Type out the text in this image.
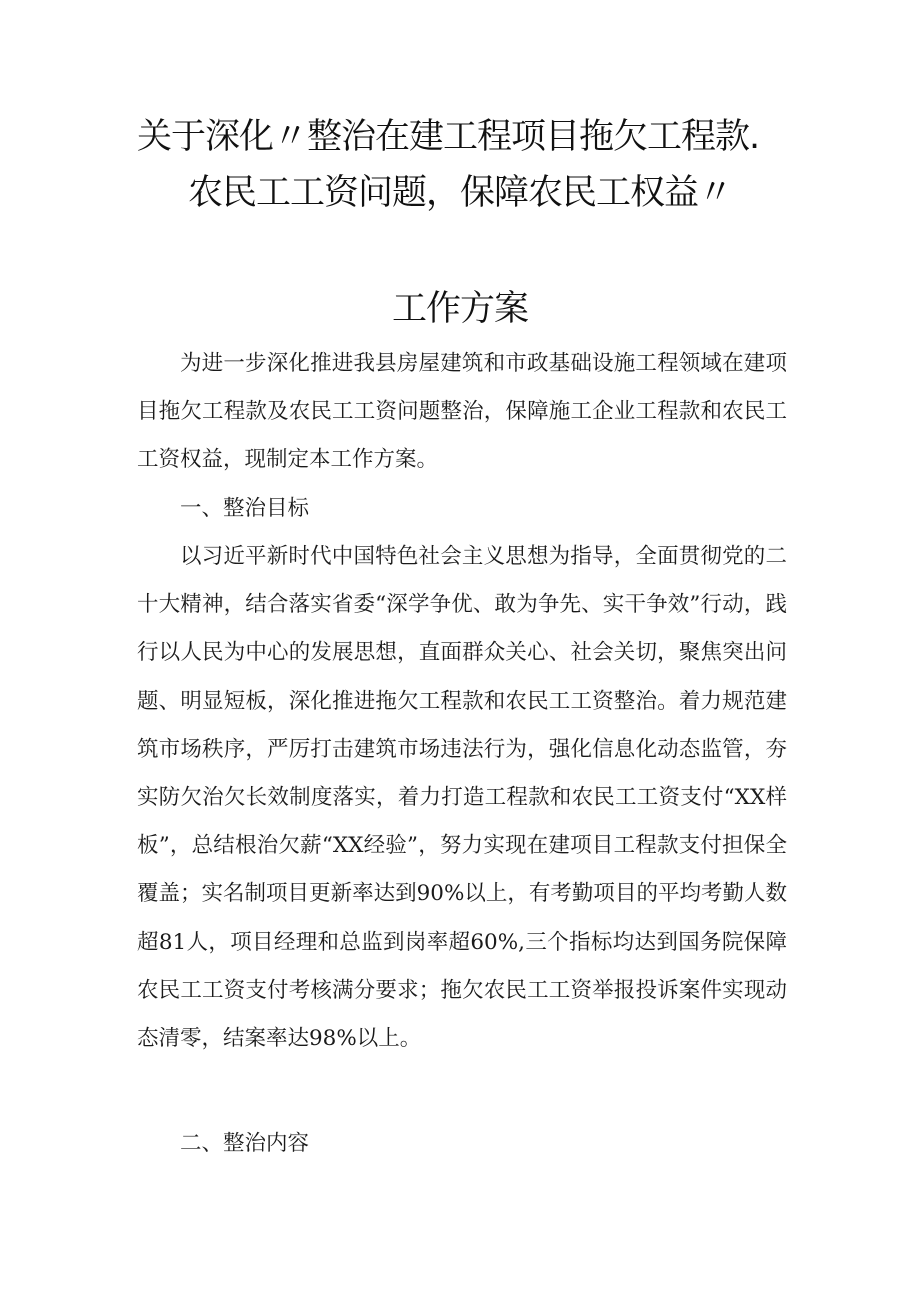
关于深化〃整治在建工程项目拖欠工程款.
农民工工资问题，保障农民工权益〃
工作方案

为进一步深化推进我县房屋建筑和市政基础设施工程领域在建项目拖欠工程款及农民工工资问题整治，保障施工企业工程款和农民工工资权益，现制定本工作方案。

一、整治目标

以习近平新时代中国特色社会主义思想为指导，全面贯彻党的二十大精神，结合落实省委“深学争优、敢为争先、实干争效”行动，践行以人民为中心的发展思想，直面群众关心、社会关切，聚焦突出问题、明显短板，深化推进拖欠工程款和农民工工资整治。着力规范建筑市场秩序，严厉打击建筑市场违法行为，强化信息化动态监管，夯实防欠治欠长效制度落实，着力打造工程款和农民工工资支付“XX样板”，总结根治欠薪“XX经验”，努力实现在建项目工程款支付担保全覆盖；实名制项目更新率达到90%以上，有考勤项目的平均考勤人数超81人，项目经理和总监到岗率超60%,三个指标均达到国务院保障农民工工资支付考核满分要求；拖欠农民工工资举报投诉案件实现动态清零，结案率达98%以上。

二、整治内容
